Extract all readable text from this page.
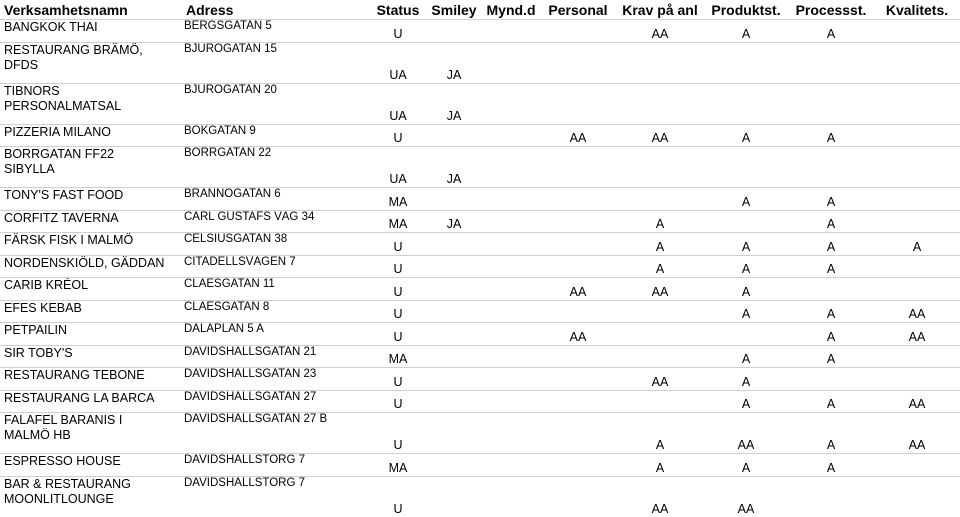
Verksamhetsnamn	Adress	Status	Smiley	Mynd.d	Personal	Krav på anl	Produktst.	Processst.	Kvalitets.	

BANGKOK THAI	BERGSGATAN 5	U				AA	A	A		

RESTAURANG BRÄMÖ,
DFDS	BJURÖGATAN 15	UA	JA							

TIBNORS
PERSONALMATSAL	BJURÖGATAN 20	UA	JA							

PIZZERIA MILANO	BOKGATAN 9	U			AA	AA	A	A		

BORRGATAN FF22
SIBYLLA	BORRGATAN 22	UA	JA							

TONY'S FAST FOOD	BRÄNNÖGATAN 6	MA					A	A		

CORFITZ TAVERNA	CARL GUSTAFS VÄG 34	MA	JA			A		A		

FÄRSK FISK I MALMÖ	CELSIUSGATAN 38	U				A	A	A	A	

NORDENSKIÖLD, GÄDDAN	CITADELLSVÄGEN 7	U				A	A	A		

CARIB KRÉOL	CLAESGATAN 11	U			AA	AA	A			

EFES KEBAB	CLAESGATAN 8	U					A	A	AA	

PETPAILIN	DALAPLAN 5 A	U			AA			A	AA	

SIR TOBY'S	DAVIDSHALLSGATAN 21	MA					A	A		

RESTAURANG TEBONE	DAVIDSHALLSGATAN 23	U				AA	A			

RESTAURANG LA BARCA	DAVIDSHALLSGATAN 27	U					A	A	AA	

FALAFEL BARANIS I
MALMÖ HB	DAVIDSHALLSGATAN 27 B	U				A	AA	A	AA	

ESPRESSO HOUSE	DAVIDSHALLSTORG 7	MA				A	A	A		

BAR & RESTAURANG
MOONLITLOUNGE	DAVIDSHALLSTORG 7	U				AA	AA			
